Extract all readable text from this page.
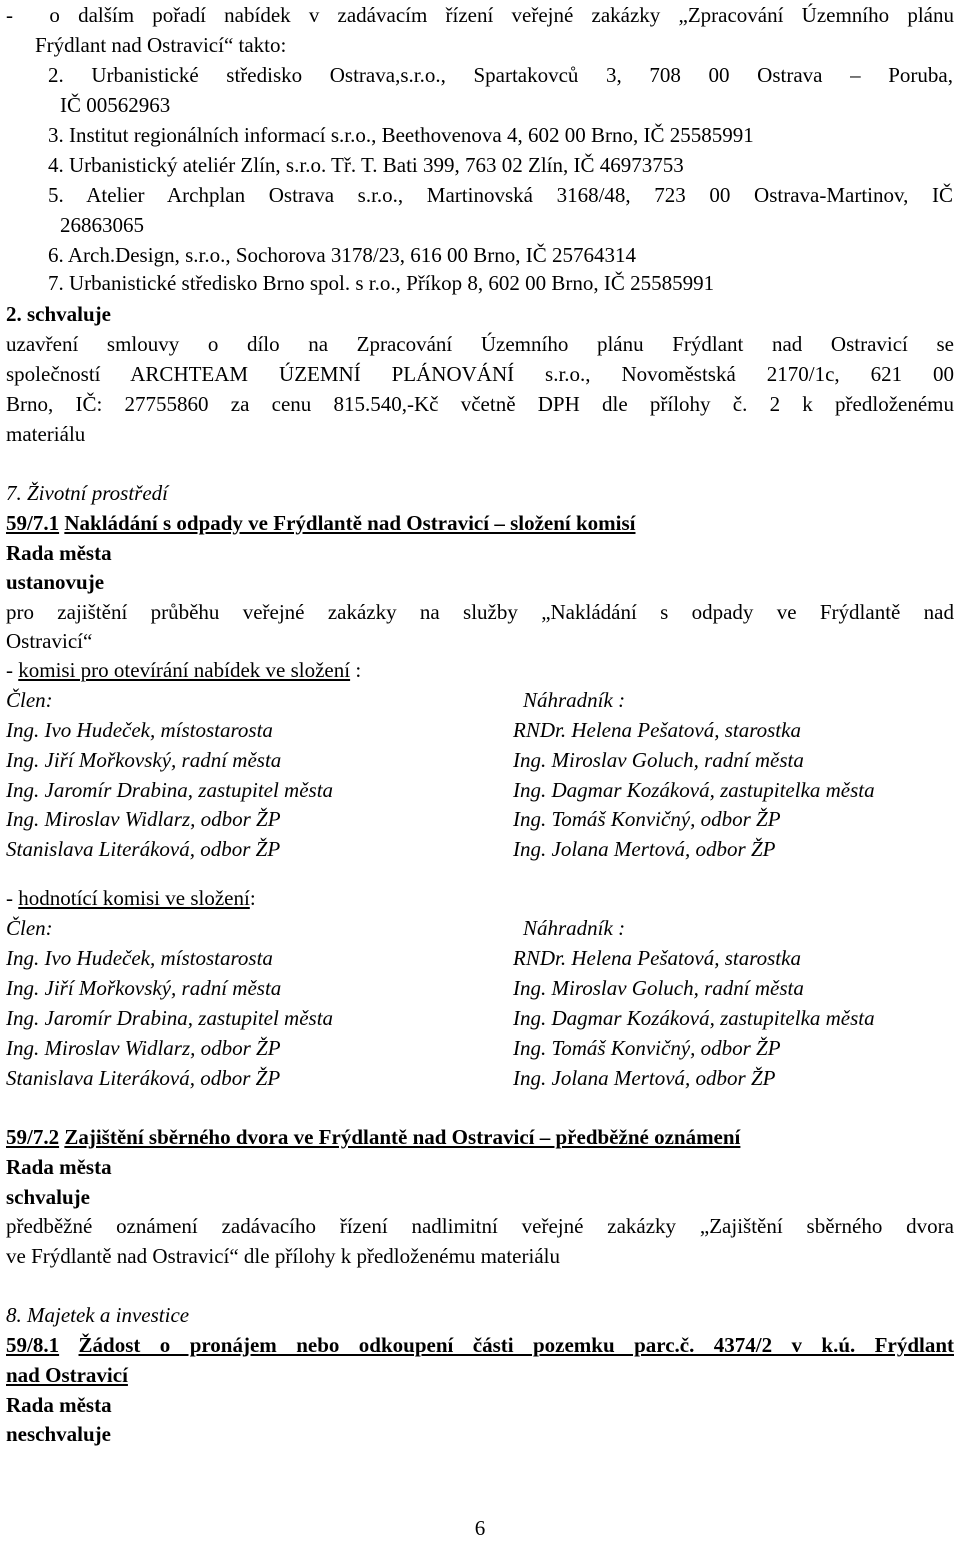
-  o dalším pořadí nabídek v zadávacím řízení veřejné zakázky „Zpracování Územního plánu
Frýdlant nad Ostravicí“ takto:
2. Urbanistické středisko Ostrava,s.r.o., Spartakovců 3, 708 00 Ostrava – Poruba,
IČ 00562963
3. Institut regionálních informací s.r.o., Beethovenova 4, 602 00 Brno, IČ 25585991
4. Urbanistický ateliér Zlín, s.r.o. Tř. T. Bati 399, 763 02 Zlín, IČ 46973753
5. Atelier Archplan Ostrava s.r.o., Martinovská 3168/48, 723 00 Ostrava-Martinov, IČ
26863065
6. Arch.Design, s.r.o., Sochorova 3178/23, 616 00 Brno, IČ 25764314
7. Urbanistické středisko Brno spol. s r.o., Příkop 8, 602 00 Brno, IČ 25585991
2. schvaluje
uzavření smlouvy o dílo na Zpracování Územního plánu Frýdlant nad Ostravicí se
společností ARCHTEAM ÚZEMNÍ PLÁNOVÁNÍ s.r.o., Novoměstská 2170/1c, 621 00
Brno, IČ: 27755860 za cenu 815.540,-Kč včetně DPH dle přílohy č. 2 k předloženému
materiálu
7. Životní prostředí
59/7.1 Nakládání s odpady ve Frýdlantě nad Ostravicí – složení komisí
Rada města
ustanovuje
pro zajištění průběhu veřejné zakázky na služby „Nakládání s odpady ve Frýdlantě nad
Ostravicí“
- komisi pro otevírání nabídek ve složení :
Člen:	Náhradník :
Ing. Ivo Hudeček, místostarosta	RNDr. Helena Pešatová, starostka
Ing. Jiří Mořkovský, radní města	Ing. Miroslav Goluch, radní města
Ing. Jaromír Drabina, zastupitel města	Ing. Dagmar Kozáková, zastupitelka města
Ing. Miroslav Widlarz, odbor ŽP	Ing. Tomáš Konvičný, odbor ŽP
Stanislava Literáková, odbor ŽP	Ing. Jolana Mertová, odbor ŽP
- hodnotící komisi ve složení:
Člen:	Náhradník :
Ing. Ivo Hudeček, místostarosta	RNDr. Helena Pešatová, starostka
Ing. Jiří Mořkovský, radní města	Ing. Miroslav Goluch, radní města
Ing. Jaromír Drabina, zastupitel města	Ing. Dagmar Kozáková, zastupitelka města
Ing. Miroslav Widlarz, odbor ŽP	Ing. Tomáš Konvičný, odbor ŽP
Stanislava Literáková, odbor ŽP	Ing. Jolana Mertová, odbor ŽP
59/7.2 Zajištění sběrného dvora ve Frýdlantě nad Ostravicí – předběžné oznámení
Rada města
schvaluje
předběžné oznámení zadávacího řízení nadlimitní veřejné zakázky „Zajištění sběrného dvora
ve Frýdlantě nad Ostravicí“ dle přílohy k předloženému materiálu
8. Majetek a investice
59/8.1 Žádost o pronájem nebo odkoupení části pozemku parc.č. 4374/2 v k.ú. Frýdlant
nad Ostravicí
Rada města
neschvaluje
6
